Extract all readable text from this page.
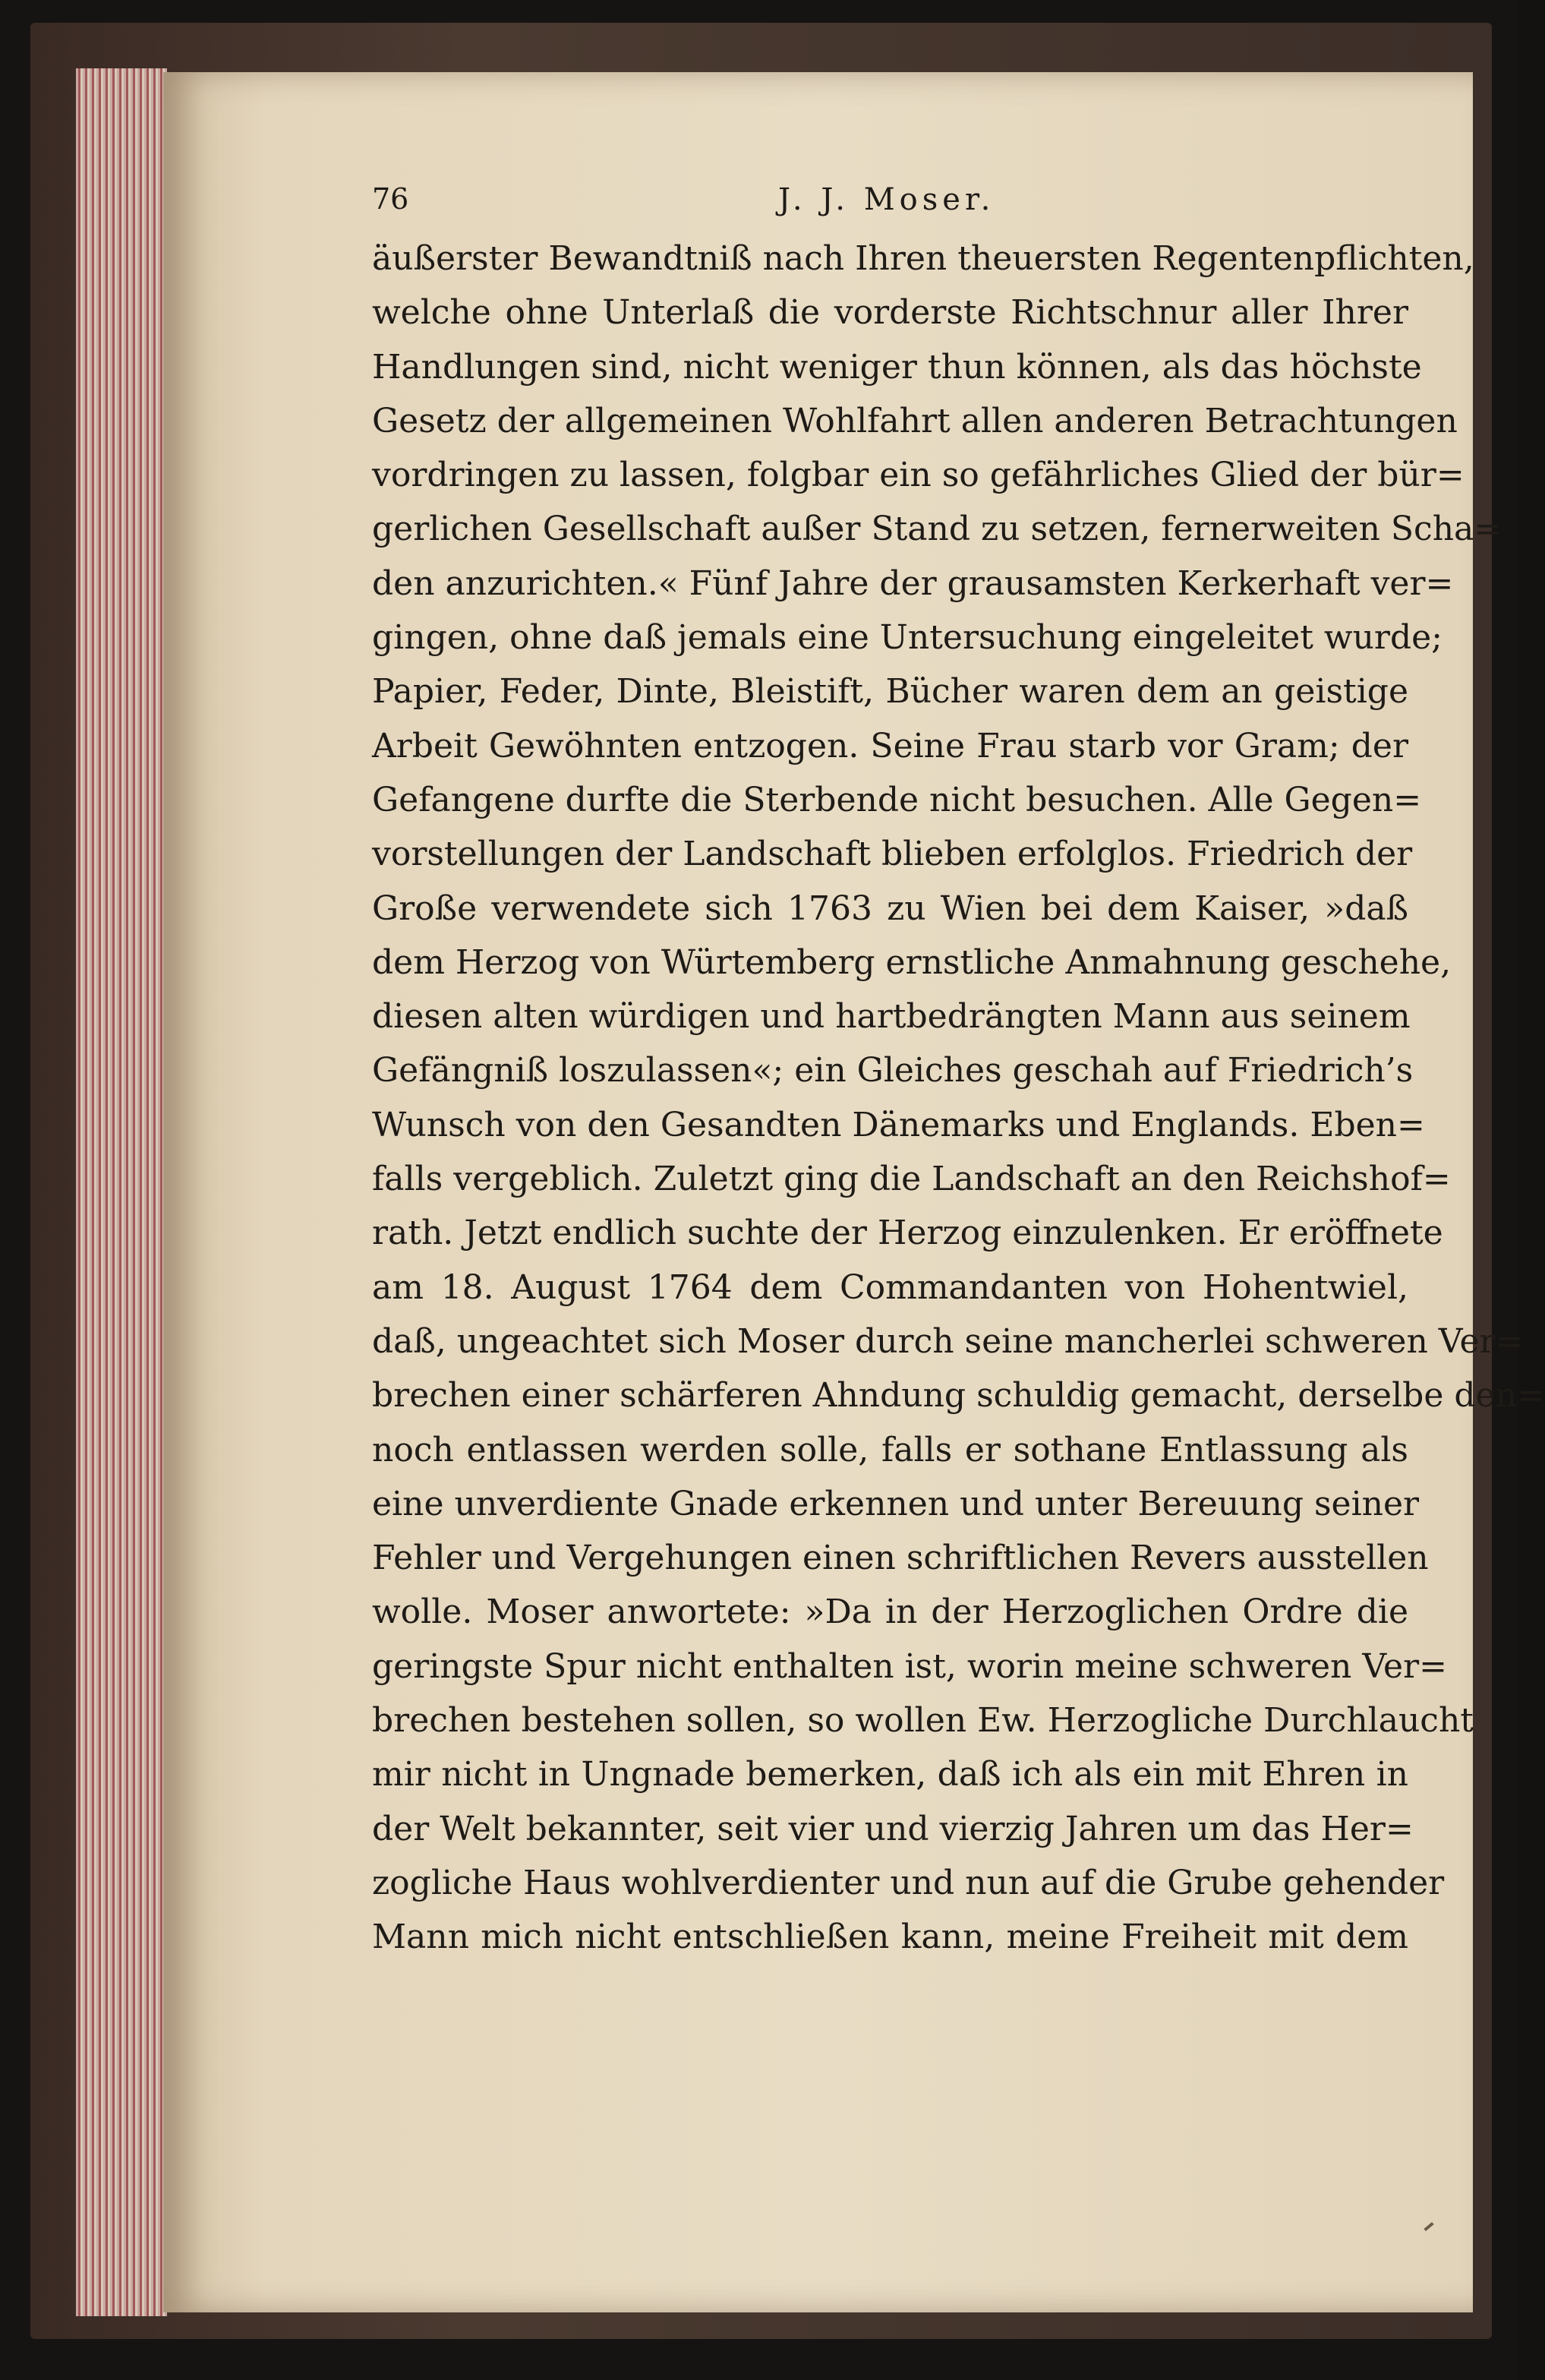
76	J. J. Moser.
äußerster Bewandtniß nach Ihren theuersten Regentenpflichten,
welche ohne Unterlaß die vorderste Richtschnur aller Ihrer
Handlungen sind, nicht weniger thun können, als das höchste
Gesetz der allgemeinen Wohlfahrt allen anderen Betrachtungen
vordringen zu lassen, folgbar ein so gefährliches Glied der bür=
gerlichen Gesellschaft außer Stand zu setzen, fernerweiten Scha=
den anzurichten.« Fünf Jahre der grausamsten Kerkerhaft ver=
gingen, ohne daß jemals eine Untersuchung eingeleitet wurde;
Papier, Feder, Dinte, Bleistift, Bücher waren dem an geistige
Arbeit Gewöhnten entzogen. Seine Frau starb vor Gram; der
Gefangene durfte die Sterbende nicht besuchen. Alle Gegen=
vorstellungen der Landschaft blieben erfolglos. Friedrich der
Große verwendete sich 1763 zu Wien bei dem Kaiser, »daß
dem Herzog von Würtemberg ernstliche Anmahnung geschehe,
diesen alten würdigen und hartbedrängten Mann aus seinem
Gefängniß loszulassen«; ein Gleiches geschah auf Friedrich’s
Wunsch von den Gesandten Dänemarks und Englands. Eben=
falls vergeblich. Zuletzt ging die Landschaft an den Reichshof=
rath. Jetzt endlich suchte der Herzog einzulenken. Er eröffnete
am 18. August 1764 dem Commandanten von Hohentwiel,
daß, ungeachtet sich Moser durch seine mancherlei schweren Ver=
brechen einer schärferen Ahndung schuldig gemacht, derselbe den=
noch entlassen werden solle, falls er sothane Entlassung als
eine unverdiente Gnade erkennen und unter Bereuung seiner
Fehler und Vergehungen einen schriftlichen Revers ausstellen
wolle. Moser anwortete: »Da in der Herzoglichen Ordre die
geringste Spur nicht enthalten ist, worin meine schweren Ver=
brechen bestehen sollen, so wollen Ew. Herzogliche Durchlaucht
mir nicht in Ungnade bemerken, daß ich als ein mit Ehren in
der Welt bekannter, seit vier und vierzig Jahren um das Her=
zogliche Haus wohlverdienter und nun auf die Grube gehender
Mann mich nicht entschließen kann, meine Freiheit mit dem
